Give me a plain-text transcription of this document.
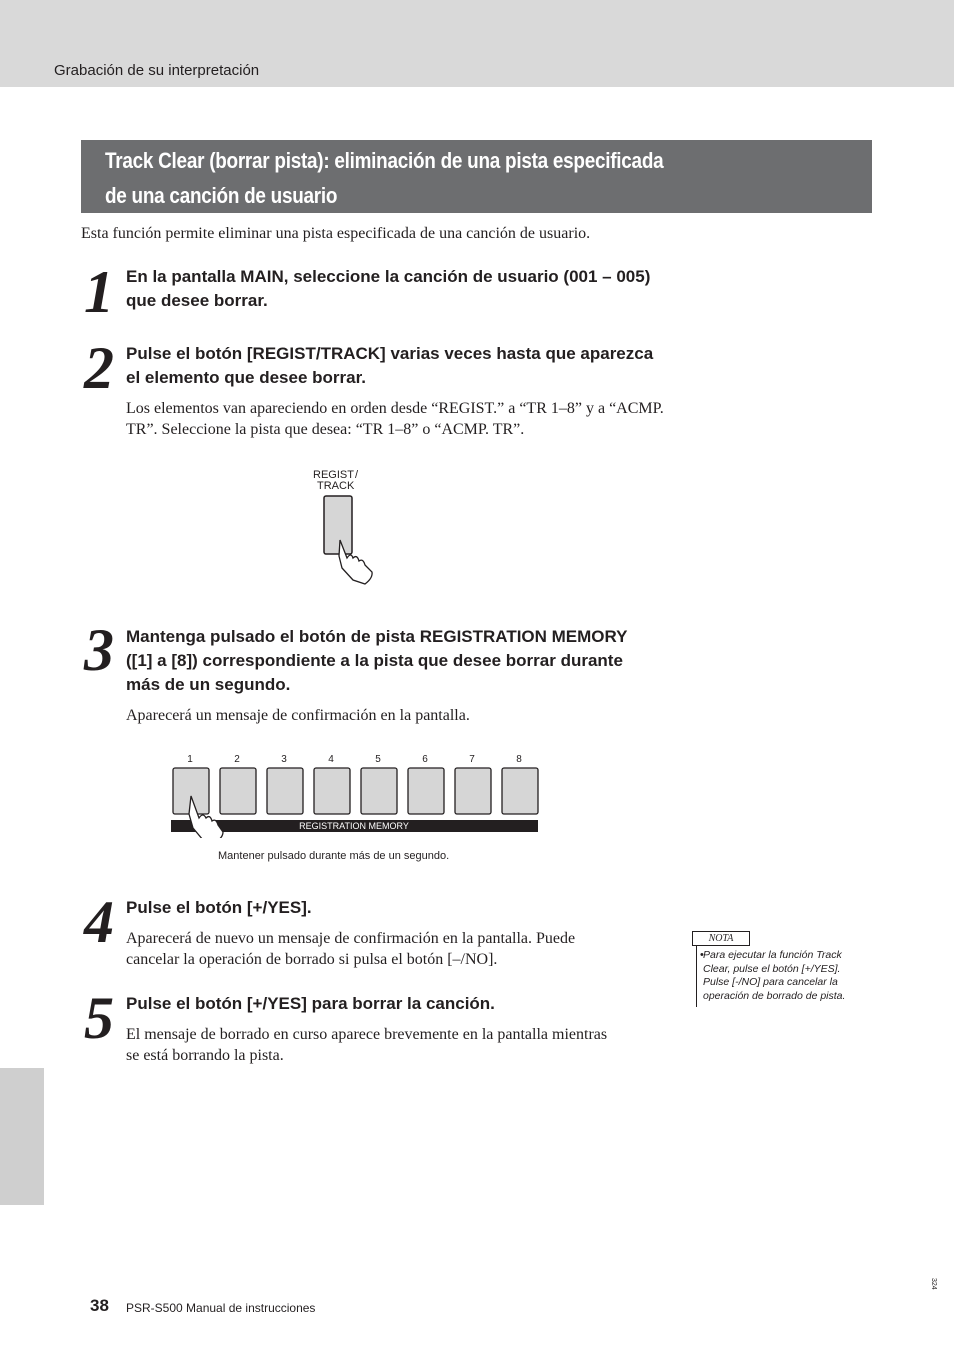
Grabación de su interpretación
Track Clear (borrar pista): eliminación de una pista especificada
de una canción de usuario
Esta función permite eliminar una pista especificada de una canción de usuario.
1 En la pantalla MAIN, seleccione la canción de usuario (001 – 005) que desee borrar.
2 Pulse el botón [REGIST/TRACK] varias veces hasta que aparezca el elemento que desee borrar.
Los elementos van apareciendo en orden desde “REGIST.” a “TR 1–8” y a “ACMP. TR”. Seleccione la pista que desea: “TR 1–8” o “ACMP. TR”.
REGIST /
TRACK
3 Mantenga pulsado el botón de pista REGISTRATION MEMORY ([1] a [8]) correspondiente a la pista que desee borrar durante más de un segundo.
Aparecerá un mensaje de confirmación en la pantalla.
1	2	3	4	5	6	7	8
REGISTRATION MEMORY
Mantener pulsado durante más de un segundo.
4 Pulse el botón [+/YES].
Aparecerá de nuevo un mensaje de confirmación en la pantalla. Puede cancelar la operación de borrado si pulsa el botón [–/NO].
5 Pulse el botón [+/YES] para borrar la canción.
El mensaje de borrado en curso aparece brevemente en la pantalla mientras se está borrando la pista.
NOTA
Para ejecutar la función Track Clear, pulse el botón [+/YES]. Pulse [-/NO] para cancelar la operación de borrado de pista.
•
38 PSR-S500 Manual de instrucciones
324
